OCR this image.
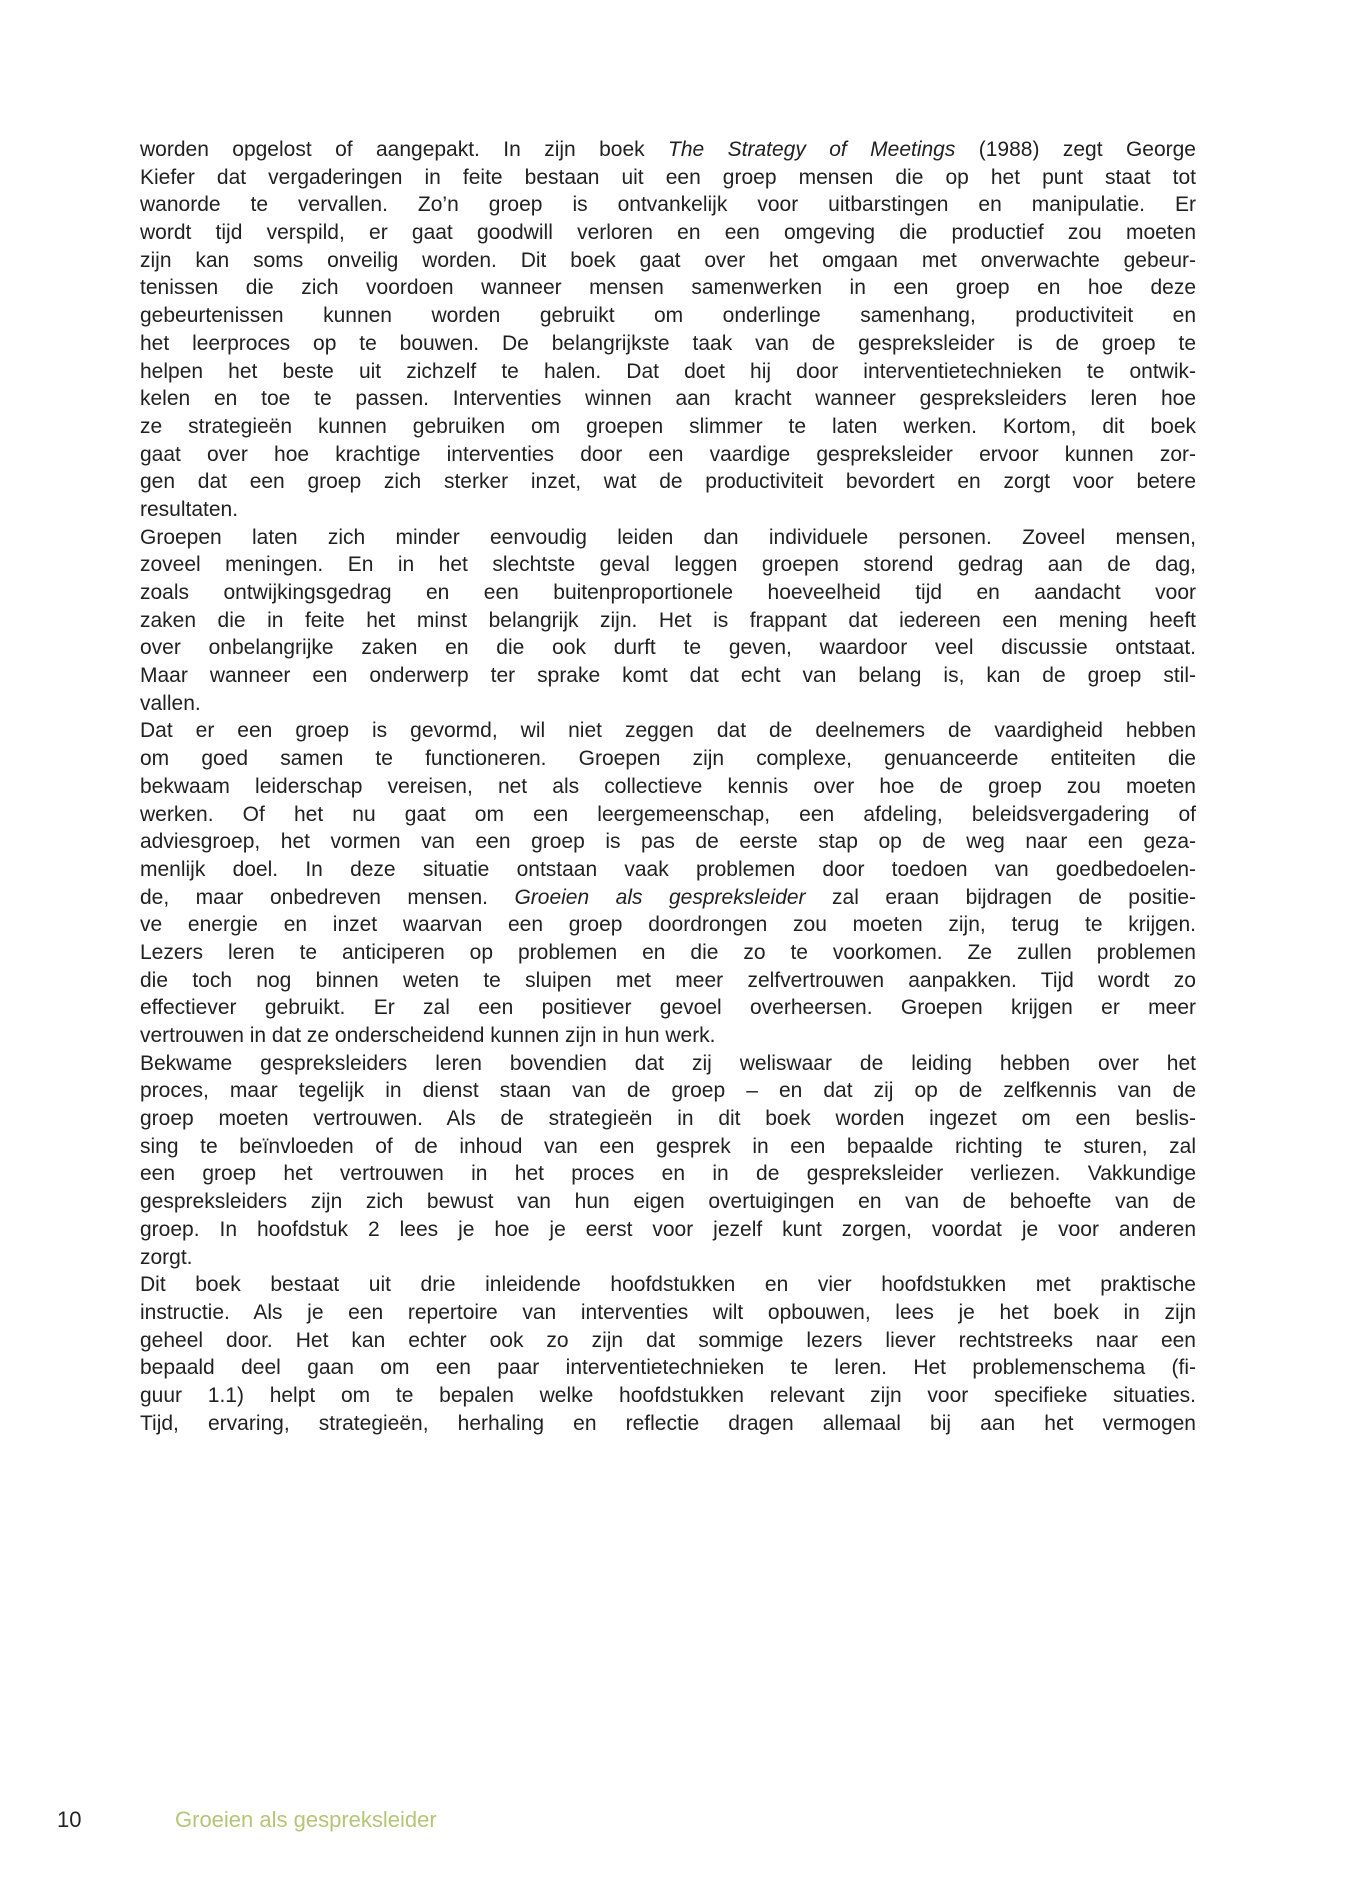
worden opgelost of aangepakt. In zijn boek The Strategy of Meetings (1988) zegt George
Kiefer dat vergaderingen in feite bestaan uit een groep mensen die op het punt staat tot
wanorde te vervallen. Zo’n groep is ontvankelijk voor uitbarstingen en manipulatie. Er
wordt tijd verspild, er gaat goodwill verloren en een omgeving die productief zou moeten
zijn kan soms onveilig worden. Dit boek gaat over het omgaan met onverwachte gebeur-
tenissen die zich voordoen wanneer mensen samenwerken in een groep en hoe deze
gebeurtenissen kunnen worden gebruikt om onderlinge samenhang, productiviteit en
het leerproces op te bouwen. De belangrijkste taak van de gespreksleider is de groep te
helpen het beste uit zichzelf te halen. Dat doet hij door interventietechnieken te ontwik-
kelen en toe te passen. Interventies winnen aan kracht wanneer gespreksleiders leren hoe
ze strategieën kunnen gebruiken om groepen slimmer te laten werken. Kortom, dit boek
gaat over hoe krachtige interventies door een vaardige gespreksleider ervoor kunnen zor-
gen dat een groep zich sterker inzet, wat de productiviteit bevordert en zorgt voor betere
resultaten.
Groepen laten zich minder eenvoudig leiden dan individuele personen. Zoveel mensen,
zoveel meningen. En in het slechtste geval leggen groepen storend gedrag aan de dag,
zoals ontwijkingsgedrag en een buitenproportionele hoeveelheid tijd en aandacht voor
zaken die in feite het minst belangrijk zijn. Het is frappant dat iedereen een mening heeft
over onbelangrijke zaken en die ook durft te geven, waardoor veel discussie ontstaat.
Maar wanneer een onderwerp ter sprake komt dat echt van belang is, kan de groep stil-
vallen.
Dat er een groep is gevormd, wil niet zeggen dat de deelnemers de vaardigheid hebben
om goed samen te functioneren. Groepen zijn complexe, genuanceerde entiteiten die
bekwaam leiderschap vereisen, net als collectieve kennis over hoe de groep zou moeten
werken. Of het nu gaat om een leergemeenschap, een afdeling, beleidsvergadering of
adviesgroep, het vormen van een groep is pas de eerste stap op de weg naar een geza-
menlijk doel. In deze situatie ontstaan vaak problemen door toedoen van goedbedoelen-
de, maar onbedreven mensen. Groeien als gespreksleider zal eraan bijdragen de positie-
ve energie en inzet waarvan een groep doordrongen zou moeten zijn, terug te krijgen.
Lezers leren te anticiperen op problemen en die zo te voorkomen. Ze zullen problemen
die toch nog binnen weten te sluipen met meer zelfvertrouwen aanpakken. Tijd wordt zo
effectiever gebruikt. Er zal een positiever gevoel overheersen. Groepen krijgen er meer
vertrouwen in dat ze onderscheidend kunnen zijn in hun werk.
Bekwame gespreksleiders leren bovendien dat zij weliswaar de leiding hebben over het
proces, maar tegelijk in dienst staan van de groep – en dat zij op de zelfkennis van de
groep moeten vertrouwen. Als de strategieën in dit boek worden ingezet om een beslis-
sing te beïnvloeden of de inhoud van een gesprek in een bepaalde richting te sturen, zal
een groep het vertrouwen in het proces en in de gespreksleider verliezen. Vakkundige
gespreksleiders zijn zich bewust van hun eigen overtuigingen en van de behoefte van de
groep. In hoofdstuk 2 lees je hoe je eerst voor jezelf kunt zorgen, voordat je voor anderen
zorgt.
Dit boek bestaat uit drie inleidende hoofdstukken en vier hoofdstukken met praktische
instructie. Als je een repertoire van interventies wilt opbouwen, lees je het boek in zijn
geheel door. Het kan echter ook zo zijn dat sommige lezers liever rechtstreeks naar een
bepaald deel gaan om een paar interventietechnieken te leren. Het problemenschema (fi-
guur 1.1) helpt om te bepalen welke hoofdstukken relevant zijn voor specifieke situaties.
Tijd, ervaring, strategieën, herhaling en reflectie dragen allemaal bij aan het vermogen
10	Groeien als gespreksleider
